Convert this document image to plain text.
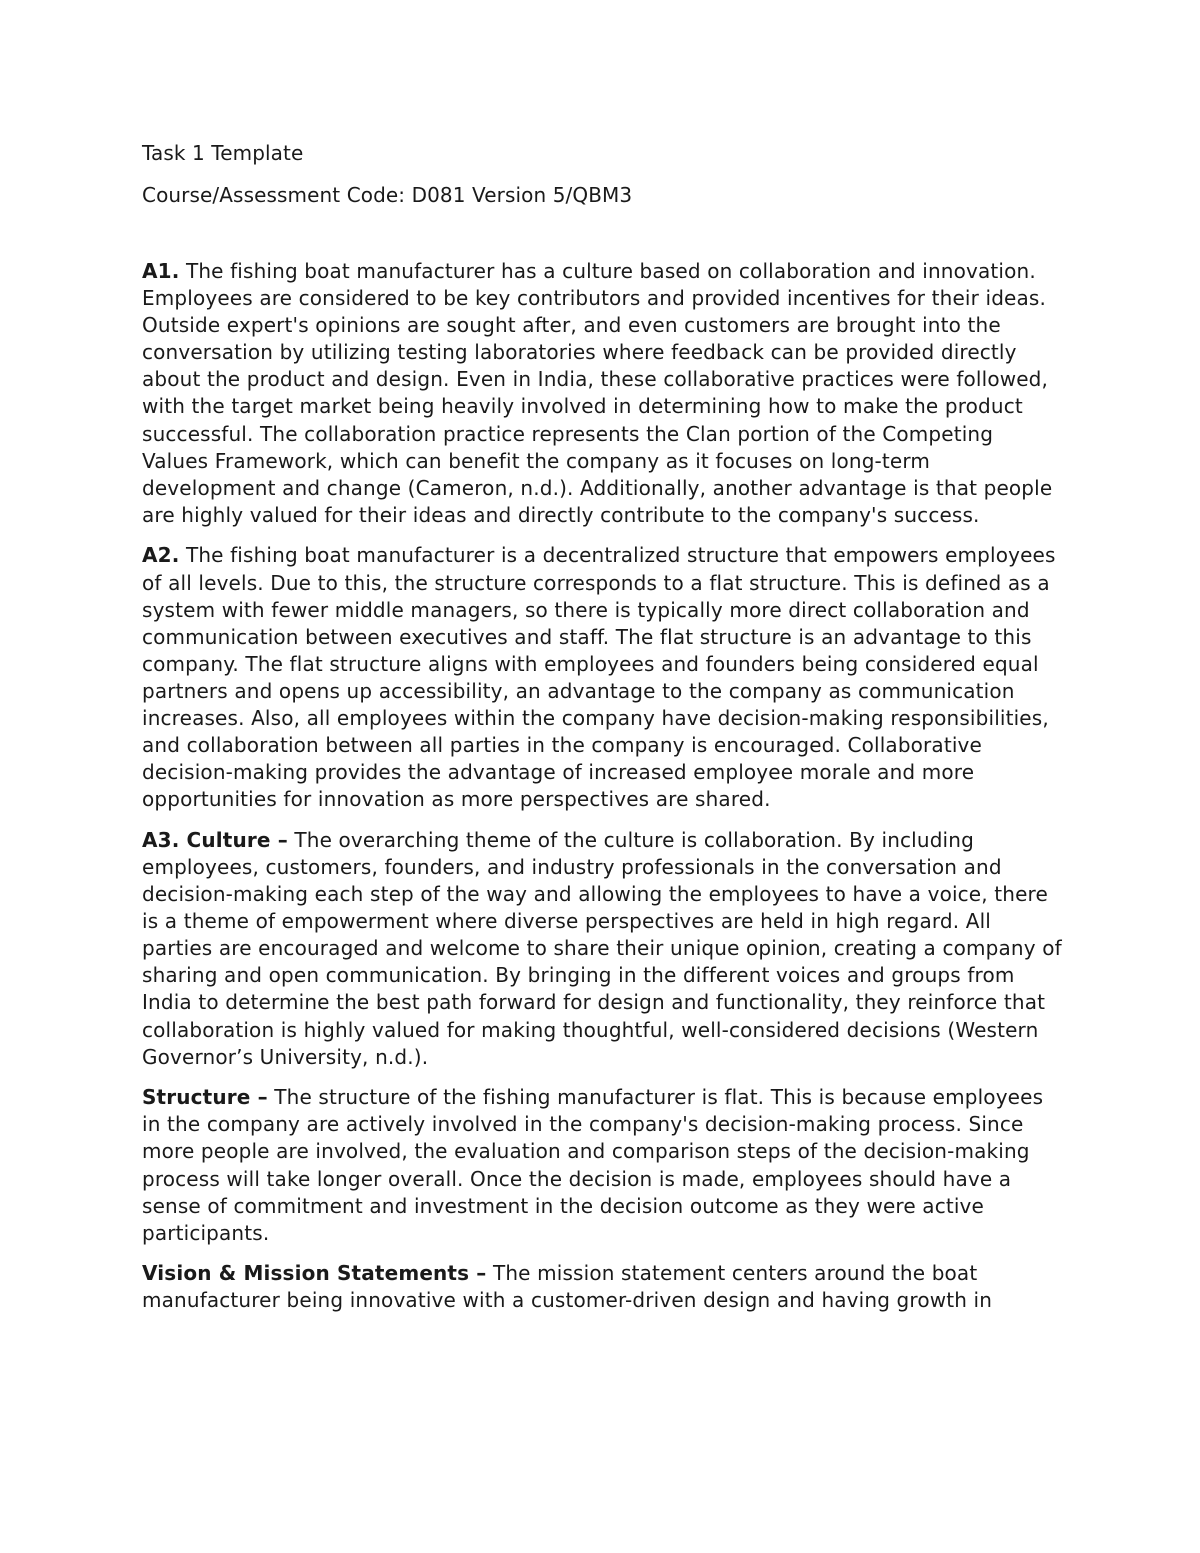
Task 1 Template

Course/Assessment Code: D081 Version 5/QBM3

A1. The fishing boat manufacturer has a culture based on collaboration and innovation. Employees are considered to be key contributors and provided incentives for their ideas. Outside expert's opinions are sought after, and even customers are brought into the conversation by utilizing testing laboratories where feedback can be provided directly about the product and design. Even in India, these collaborative practices were followed, with the target market being heavily involved in determining how to make the product successful. The collaboration practice represents the Clan portion of the Competing Values Framework, which can benefit the company as it focuses on long-term development and change (Cameron, n.d.). Additionally, another advantage is that people are highly valued for their ideas and directly contribute to the company's success.

A2. The fishing boat manufacturer is a decentralized structure that empowers employees of all levels. Due to this, the structure corresponds to a flat structure. This is defined as a system with fewer middle managers, so there is typically more direct collaboration and communication between executives and staff. The flat structure is an advantage to this company. The flat structure aligns with employees and founders being considered equal partners and opens up accessibility, an advantage to the company as communication increases. Also, all employees within the company have decision-making responsibilities, and collaboration between all parties in the company is encouraged. Collaborative decision-making provides the advantage of increased employee morale and more opportunities for innovation as more perspectives are shared.

A3. Culture – The overarching theme of the culture is collaboration. By including employees, customers, founders, and industry professionals in the conversation and decision-making each step of the way and allowing the employees to have a voice, there is a theme of empowerment where diverse perspectives are held in high regard. All parties are encouraged and welcome to share their unique opinion, creating a company of sharing and open communication. By bringing in the different voices and groups from India to determine the best path forward for design and functionality, they reinforce that collaboration is highly valued for making thoughtful, well-considered decisions (Western Governor’s University, n.d.).

Structure – The structure of the fishing manufacturer is flat. This is because employees in the company are actively involved in the company's decision-making process. Since more people are involved, the evaluation and comparison steps of the decision-making process will take longer overall. Once the decision is made, employees should have a sense of commitment and investment in the decision outcome as they were active participants.

Vision & Mission Statements – The mission statement centers around the boat manufacturer being innovative with a customer-driven design and having growth in
